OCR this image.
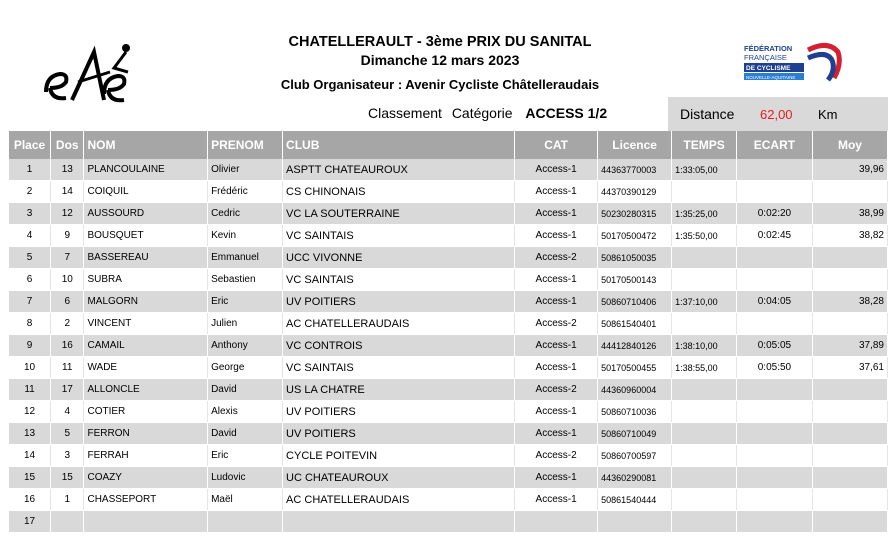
CHATELLERAULT - 3ème PRIX DU SANITAL
Dimanche 12 mars 2023
Club Organisateur : Avenir Cycliste Châtelleraudais
FÉDÉRATION
FRANÇAISE
DE CYCLISME
NOUVELLE-AQUITAINE
Classement Catégorie ACCESS 1/2	Distance 62,00 Km
Place	Dos	NOM	PRENOM	CLUB	CAT	Licence	TEMPS	ECART	Moy
1	13	PLANCOULAINE	Olivier	ASPTT CHATEAUROUX	Access-1	44363770003	1:33:05,00		39,96
2	14	COIQUIL	Frédéric	CS CHINONAIS	Access-1	44370390129			
3	12	AUSSOURD	Cedric	VC LA SOUTERRAINE	Access-1	50230280315	1:35:25,00	0:02:20	38,99
4	9	BOUSQUET	Kevin	VC SAINTAIS	Access-1	50170500472	1:35:50,00	0:02:45	38,82
5	7	BASSEREAU	Emmanuel	UCC VIVONNE	Access-2	50861050035			
6	10	SUBRA	Sebastien	VC SAINTAIS	Access-1	50170500143			
7	6	MALGORN	Eric	UV POITIERS	Access-1	50860710406	1:37:10,00	0:04:05	38,28
8	2	VINCENT	Julien	AC CHATELLERAUDAIS	Access-2	50861540401			
9	16	CAMAIL	Anthony	VC CONTROIS	Access-1	44412840126	1:38:10,00	0:05:05	37,89
10	11	WADE	George	VC SAINTAIS	Access-1	50170500455	1:38:55,00	0:05:50	37,61
11	17	ALLONCLE	David	US LA CHATRE	Access-2	44360960004			
12	4	COTIER	Alexis	UV POITIERS	Access-1	50860710036			
13	5	FERRON	David	UV POITIERS	Access-1	50860710049			
14	3	FERRAH	Eric	CYCLE POITEVIN	Access-2	50860700597			
15	15	COAZY	Ludovic	UC CHATEAUROUX	Access-1	44360290081			
16	1	CHASSEPORT	Maël	AC CHATELLERAUDAIS	Access-1	50861540444			
17									
